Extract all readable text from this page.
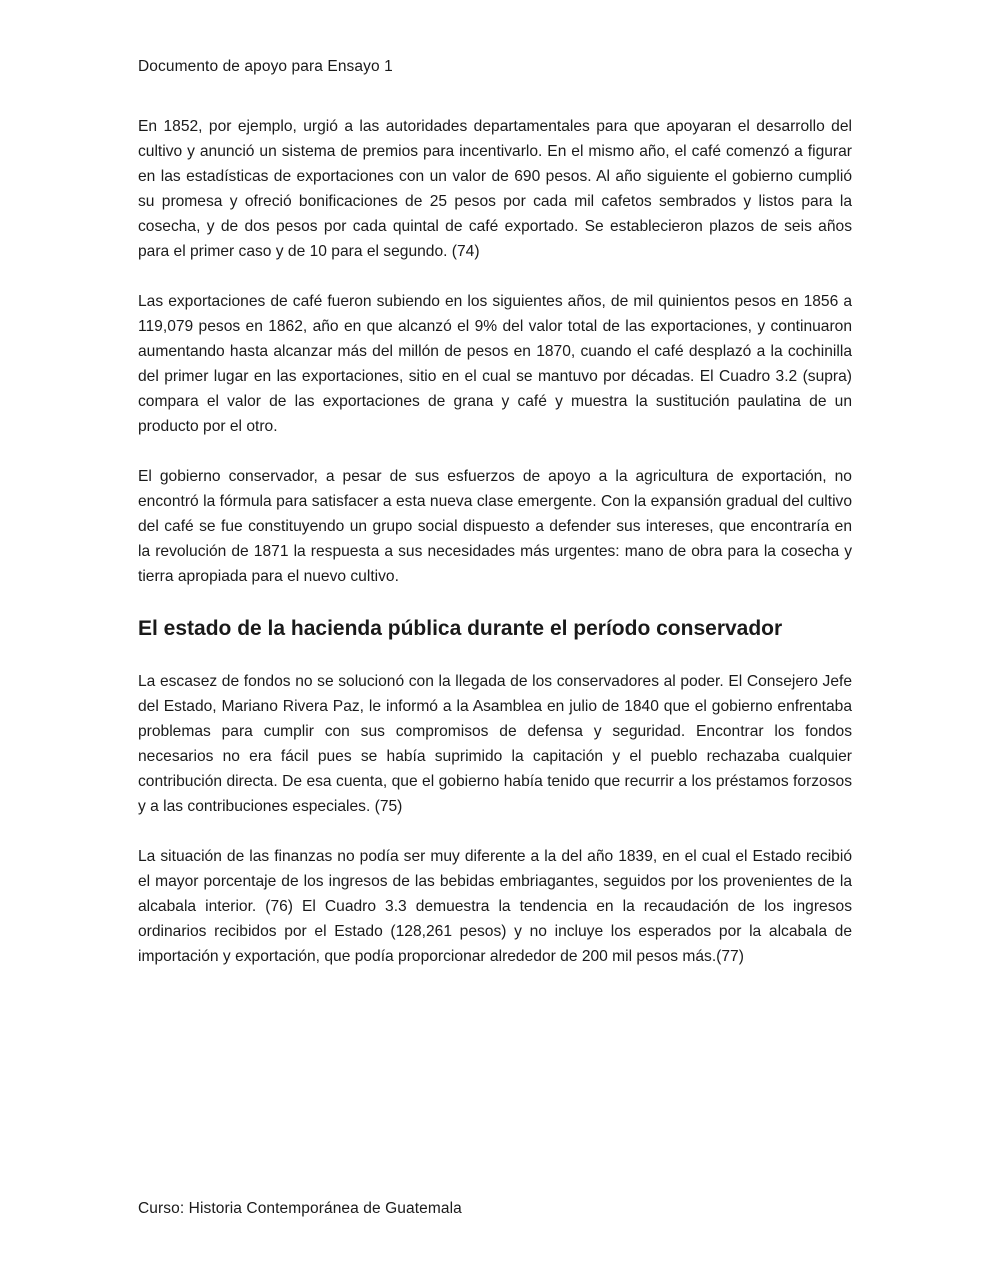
Documento de apoyo para Ensayo 1

En 1852, por ejemplo, urgió a las autoridades departamentales para que apoyaran el desarrollo del cultivo y anunció un sistema de premios para incentivarlo. En el mismo año, el café comenzó a figurar en las estadísticas de exportaciones con un valor de 690 pesos. Al año siguiente el gobierno cumplió su promesa y ofreció bonificaciones de 25 pesos por cada mil cafetos sembrados y listos para la cosecha, y de dos pesos por cada quintal de café exportado. Se establecieron plazos de seis años para el primer caso y de 10 para el segundo. (74)

Las exportaciones de café fueron subiendo en los siguientes años, de mil quinientos pesos en 1856 a 119,079 pesos en 1862, año en que alcanzó el 9% del valor total de las exportaciones, y continuaron aumentando hasta alcanzar más del millón de pesos en 1870, cuando el café desplazó a la cochinilla del primer lugar en las exportaciones, sitio en el cual se mantuvo por décadas. El Cuadro 3.2 (supra) compara el valor de las exportaciones de grana y café y muestra la sustitución paulatina de un producto por el otro.

El gobierno conservador, a pesar de sus esfuerzos de apoyo a la agricultura de exportación, no encontró la fórmula para satisfacer a esta nueva clase emergente. Con la expansión gradual del cultivo del café se fue constituyendo un grupo social dispuesto a defender sus intereses, que encontraría en la revolución de 1871 la respuesta a sus necesidades más urgentes: mano de obra para la cosecha y tierra apropiada para el nuevo cultivo.

El estado de la hacienda pública durante el período conservador

La escasez de fondos no se solucionó con la llegada de los conservadores al poder. El Consejero Jefe del Estado, Mariano Rivera Paz, le informó a la Asamblea en julio de 1840 que el gobierno enfrentaba problemas para cumplir con sus compromisos de defensa y seguridad. Encontrar los fondos necesarios no era fácil pues se había suprimido la capitación y el pueblo rechazaba cualquier contribución directa. De esa cuenta, que el gobierno había tenido que recurrir a los préstamos forzosos y a las contribuciones especiales. (75)

La situación de las finanzas no podía ser muy diferente a la del año 1839, en el cual el Estado recibió el mayor porcentaje de los ingresos de las bebidas embriagantes, seguidos por los provenientes de la alcabala interior. (76) El Cuadro 3.3 demuestra la tendencia en la recaudación de los ingresos ordinarios recibidos por el Estado (128,261 pesos) y no incluye los esperados por la alcabala de importación y exportación, que podía proporcionar alrededor de 200 mil pesos más.(77)

Curso: Historia Contemporánea de Guatemala
